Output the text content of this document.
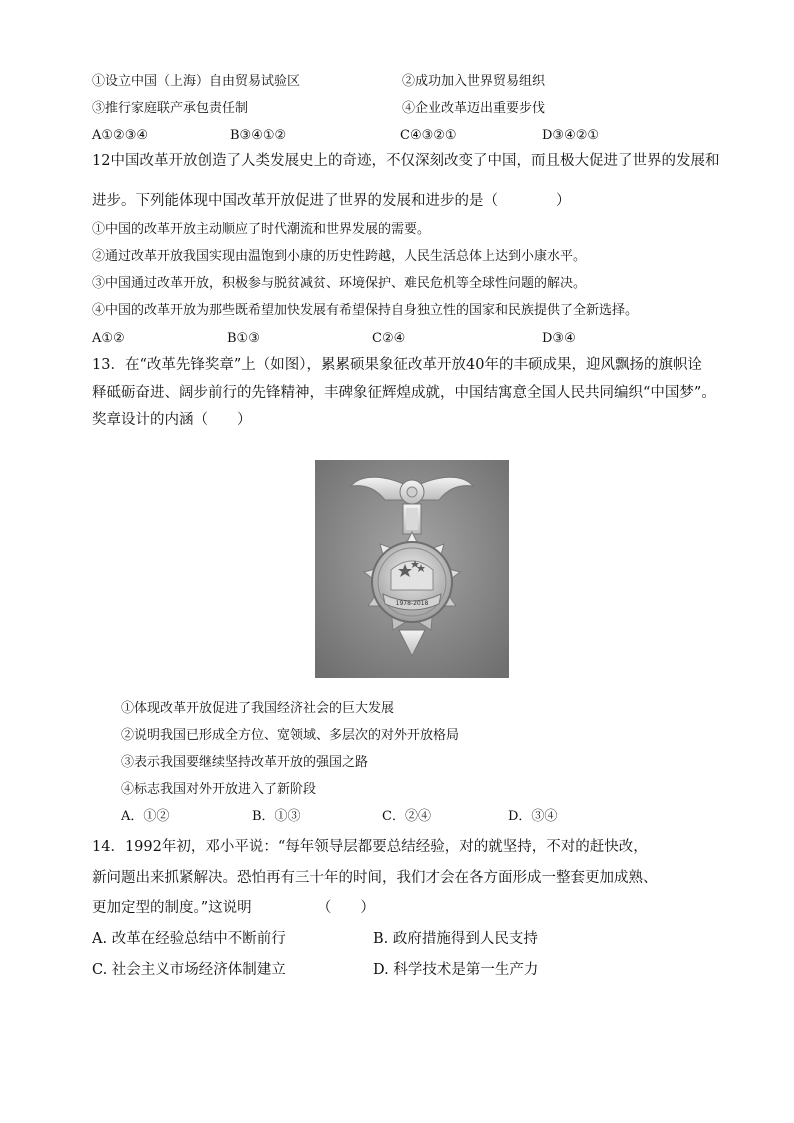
①设立中国（上海）自由贸易试验区	②成功加入世界贸易组织
③推行家庭联产承包责任制	④企业改革迈出重要步伐
A①②③④	B③④①②	C④③②①	D③④②①
12中国改革开放创造了人类发展史上的奇迹，不仅深刻改变了中国，而且极大促进了世界的发展和
进步。下列能体现中国改革开放促进了世界的发展和进步的是（　　　　）
①中国的改革开放主动顺应了时代潮流和世界发展的需要。
②通过改革开放我国实现由温饱到小康的历史性跨越，人民生活总体上达到小康水平。
③中国通过改革开放，积极参与脱贫减贫、环境保护、难民危机等全球性问题的解决。
④中国的改革开放为那些既希望加快发展有希望保持自身独立性的国家和民族提供了全新选择。
A①②	B①③	C②④	D③④
13．在“改革先锋奖章”上（如图），累累硕果象征改革开放40年的丰硕成果，迎风飘扬的旗帜诠
释砥砺奋进、阔步前行的先锋精神，丰碑象征辉煌成就，中国结寓意全国人民共同编织“中国梦”。
奖章设计的内涵（　　）
1978-2018
①体现改革开放促进了我国经济社会的巨大发展
②说明我国已形成全方位、宽领域、多层次的对外开放格局
③表示我国要继续坚持改革开放的强国之路
④标志我国对外开放进入了新阶段
A．①②	B．①③	C．②④	D．③④
14．1992年初，邓小平说：“每年领导层都要总结经验，对的就坚持，不对的赶快改，
新问题出来抓紧解决。恐怕再有三十年的时间，我们才会在各方面形成一整套更加成熟、
更加定型的制度。”这说明　　　　　（　　）
A. 改革在经验总结中不断前行	B. 政府措施得到人民支持
C. 社会主义市场经济体制建立	D. 科学技术是第一生产力
